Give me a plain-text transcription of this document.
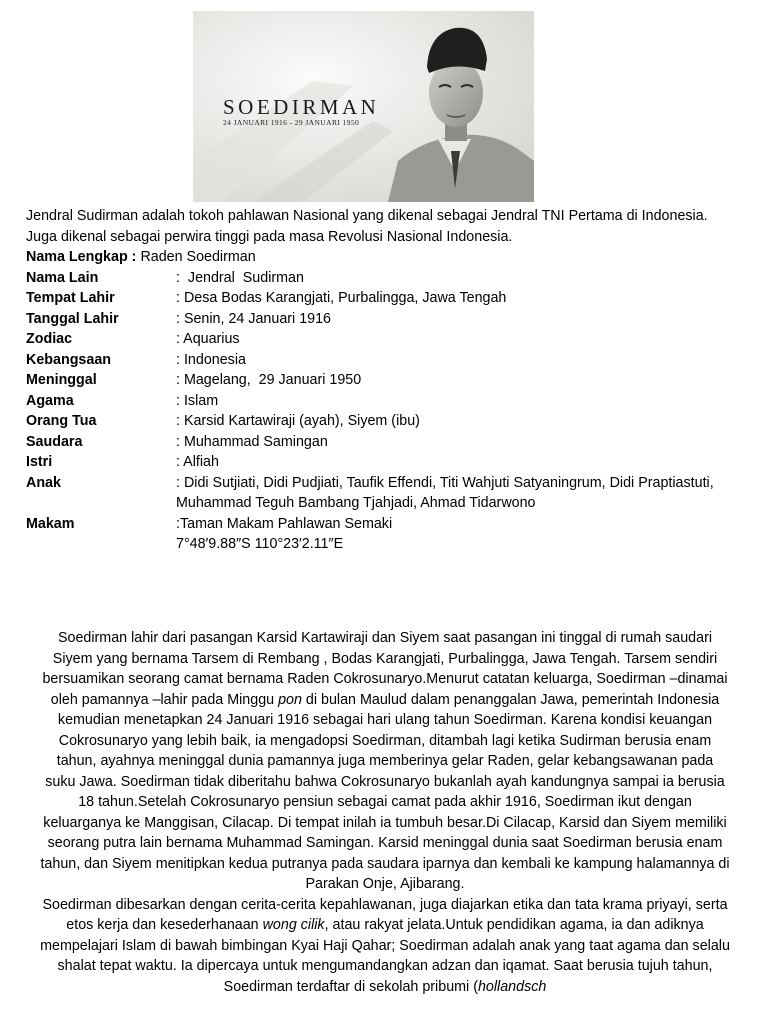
SOEDIRMAN
24 JANUARI 1916 - 29 JANUARI 1950

Jendral Sudirman adalah tokoh pahlawan Nasional yang dikenal sebagai Jendral TNI Pertama di Indonesia. Juga dikenal sebagai perwira tinggi pada masa Revolusi Nasional Indonesia.

Nama Lengkap : Raden Soedirman
Nama Lain	:  Jendral  Sudirman
Tempat Lahir	: Desa Bodas Karangjati, Purbalingga, Jawa Tengah
Tanggal Lahir	: Senin, 24 Januari 1916
Zodiac	: Aquarius
Kebangsaan	: Indonesia
Meninggal	: Magelang,  29 Januari 1950
Agama	: Islam
Orang Tua	: Karsid Kartawiraji (ayah), Siyem (ibu)
Saudara	: Muhammad Samingan
Istri	: Alfiah
Anak	: Didi Sutjiati, Didi Pudjiati, Taufik Effendi, Titi Wahjuti Satyaningrum, Didi Praptiastuti, Muhammad Teguh Bambang Tjahjadi, Ahmad Tidarwono
Makam	:Taman Makam Pahlawan Semaki
7°48′9.88″S 110°23′2.11″E

Soedirman lahir dari pasangan Karsid Kartawiraji dan Siyem saat pasangan ini tinggal di rumah saudari Siyem yang bernama Tarsem di Rembang , Bodas Karangjati, Purbalingga, Jawa Tengah. Tarsem sendiri bersuamikan seorang camat bernama Raden Cokrosunaryo.Menurut catatan keluarga, Soedirman –dinamai oleh pamannya –lahir pada Minggu pon di bulan Maulud dalam penanggalan Jawa, pemerintah Indonesia kemudian menetapkan 24 Januari 1916 sebagai hari ulang tahun Soedirman. Karena kondisi keuangan Cokrosunaryo yang lebih baik, ia mengadopsi Soedirman, ditambah lagi ketika Sudirman berusia enam tahun, ayahnya meninggal dunia pamannya juga memberinya gelar Raden, gelar kebangsawanan pada suku Jawa. Soedirman tidak diberitahu bahwa Cokrosunaryo bukanlah ayah kandungnya sampai ia berusia 18 tahun.Setelah Cokrosunaryo pensiun sebagai camat pada akhir 1916, Soedirman ikut dengan keluarganya ke Manggisan, Cilacap. Di tempat inilah ia tumbuh besar.Di Cilacap, Karsid dan Siyem memiliki seorang putra lain bernama Muhammad Samingan. Karsid meninggal dunia saat Soedirman berusia enam tahun, dan Siyem menitipkan kedua putranya pada saudara iparnya dan kembali ke kampung halamannya di Parakan Onje, Ajibarang.

Soedirman dibesarkan dengan cerita-cerita kepahlawanan, juga diajarkan etika dan tata krama priyayi, serta etos kerja dan kesederhanaan wong cilik, atau rakyat jelata.Untuk pendidikan agama, ia dan adiknya mempelajari Islam di bawah bimbingan Kyai Haji Qahar; Soedirman adalah anak yang taat agama dan selalu shalat tepat waktu. Ia dipercaya untuk mengumandangkan adzan dan iqamat. Saat berusia tujuh tahun, Soedirman terdaftar di sekolah pribumi (hollandsch
